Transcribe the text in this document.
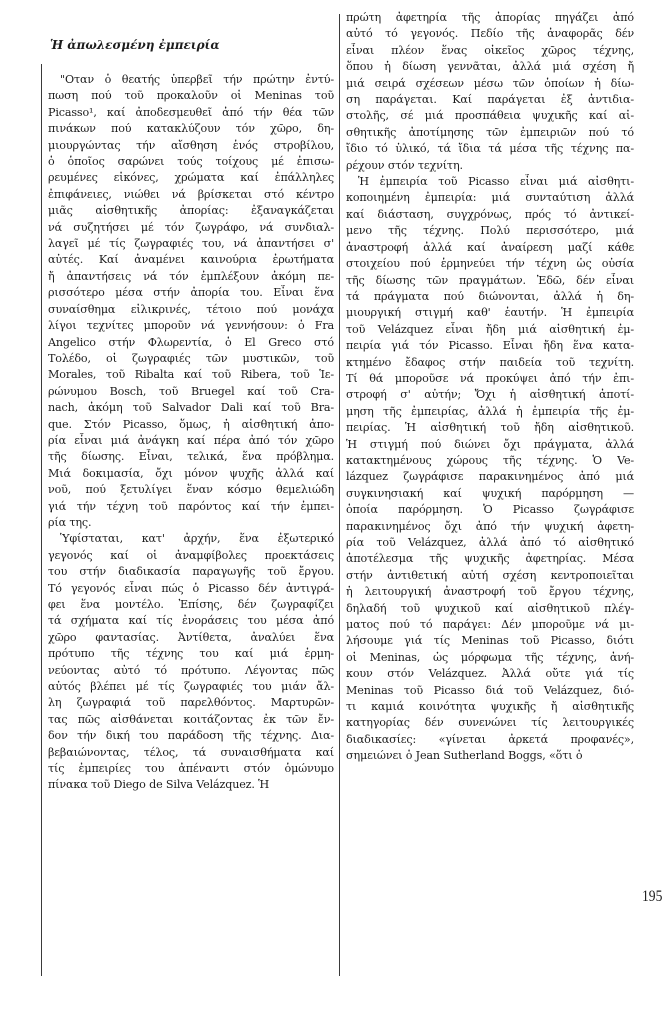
Ἡ ἀπωλεσμένη ἐμπειρία

"Οταν ὁ θεατής ὑπερβεῖ τήν πρώτην ἐντύ-

πωση πού τοῦ προκαλοῦν οἱ Meninas τοῦ

Picasso¹, καί ἀποδεσμευθεῖ ἀπό τήν θέα τῶν

πινάκων πού κατακλύζουν τόν χῶρο, δη-

μιουργώντας τήν αἴσθηση ἑνός στροβίλου,

ὁ ὁποῖος σαρώνει τούς τοίχους μέ ἐπισω-

ρευμένες εἰκόνες, χρώματα καί ἐπάλληλες

ἐπιφάνειες, νιώθει νά βρίσκεται στό κέντρο

μιᾶς αἰσθητικῆς ἀπορίας: ἐξαναγκάζεται

νά συζητήσει μέ τόν ζωγράφο, νά συνδιαλ-

λαγεῖ μέ τίς ζωγραφιές του, νά ἀπαντήσει σ'

αὐτές. Καί ἀναμένει καινούρια ἐρωτήματα

ἤ ἀπαντήσεις νά τόν ἐμπλέξουν ἀκόμη πε-

ρισσότερο μέσα στήν ἀπορία του. Εἶναι ἕνα

συναίσθημα εἰλικρινές, τέτοιο πού μονάχα

λίγοι τεχνίτες μποροῦν νά γεννήσουν: ὁ Fra

Angelico στήν Φλωρεντία, ὁ El Greco στό

Τολέδο, οἱ ζωγραφιές τῶν μυστικῶν, τοῦ

Morales, τοῦ Ribalta καί τοῦ Ribera, τοῦ Ἱε-

ρώνυμου Bosch, τοῦ Bruegel καί τοῦ Cra-

nach, ἀκόμη τοῦ Salvador Dali καί τοῦ Bra-

que. Στόν Picasso, ὅμως, ἡ αἰσθητική ἀπο-

ρία εἶναι μιά ἀνάγκη καί πέρα ἀπό τόν χῶρο

τῆς δίωσης. Εἶναι, τελικά, ἕνα πρόβλημα.

Μιά δοκιμασία, ὄχι μόνον ψυχῆς ἀλλά καί

νοῦ, πού ξετυλίγει ἕναν κόσμο θεμελιώδη

γιά τήν τέχνη τοῦ παρόντος καί τήν ἐμπει-

ρία της.

Ὑφίσταται, κατ' ἀρχήν, ἕνα ἐξωτερικό

γεγονός καί οἱ ἀναμφίβολες προεκτάσεις

του στήν διαδικασία παραγωγῆς τοῦ ἔργου.

Τό γεγονός εἶναι πώς ὁ Picasso δέν ἀντιγρά-

φει ἕνα μοντέλο. Ἐπίσης, δέν ζωγραφίζει

τά σχήματα καί τίς ἐνοράσεις του μέσα ἀπό

χῶρο φαντασίας. Ἀντίθετα, ἀναλύει ἕνα

πρότυπο τῆς τέχνης του καί μιά ἑρμη-

νεύοντας αὐτό τό πρότυπο. Λέγοντας πῶς

αὐτός βλέπει μέ τίς ζωγραφιές του μιάν ἄλ-

λη ζωγραφιά τοῦ παρελθόντος. Μαρτυρῶν-

τας πῶς αἰσθάνεται κοιτάζοντας ἐκ τῶν ἔν-

δον τήν δική του παράδοση τῆς τέχνης. Δια-

βεβαιώνοντας, τέλος, τά συναισθήματα καί

τίς ἐμπειρίες του ἀπέναντι στόν ὁμώνυμο

πίνακα τοῦ Diego de Silva Velázquez. Ἡ

πρώτη ἀφετηρία τῆς ἀπορίας πηγάζει ἀπό

αὐτό τό γεγονός. Πεδίο τῆς ἀναφορᾶς δέν

εἶναι πλέον ἕνας οἰκεῖος χῶρος τέχνης,

ὅπου ἡ δίωση γεννᾶται, ἀλλά μιά σχέση ἤ

μιά σειρά σχέσεων μέσω τῶν ὁποίων ἡ δίω-

ση παράγεται. Καί παράγεται ἐξ ἀντιδια-

στολῆς, σέ μιά προσπάθεια ψυχικῆς καί αἰ-

σθητικῆς ἀποτίμησης τῶν ἐμπειριῶν πού τό

ἴδιο τό ὑλικό, τά ἴδια τά μέσα τῆς τέχνης πα-

ρέχουν στόν τεχνίτη.

Ἡ ἐμπειρία τοῦ Picasso εἶναι μιά αἰσθητι-

κοποιημένη ἐμπειρία: μιά συνταύτιση ἀλλά

καί διάσταση, συγχρόνως, πρός τό ἀντικεί-

μενο τῆς τέχνης. Πολύ περισσότερο, μιά

ἀναστροφή ἀλλά καί ἀναίρεση μαζί κάθε

στοιχείου πού ἑρμηνεύει τήν τέχνη ὡς οὐσία

τῆς δίωσης τῶν πραγμάτων. Ἐδῶ, δέν εἶναι

τά πράγματα πού διώνονται, ἀλλά ἡ δη-

μιουργική στιγμή καθ' ἑαυτήν. Ἡ ἐμπειρία

τοῦ Velázquez εἶναι ἤδη μιά αἰσθητική ἐμ-

πειρία γιά τόν Picasso. Εἶναι ἤδη ἕνα κατα-

κτημένο ἔδαφος στήν παιδεία τοῦ τεχνίτη.

Τί θά μποροῦσε νά προκύψει ἀπό τήν ἐπι-

στροφή σ' αὐτήν; Ὄχι ἡ αἰσθητική ἀποτί-

μηση τῆς ἐμπειρίας, ἀλλά ἡ ἐμπειρία τῆς ἐμ-

πειρίας. Ἡ αἰσθητική τοῦ ἤδη αἰσθητικοῦ.

Ἡ στιγμή πού διώνει ὄχι πράγματα, ἀλλά

κατακτημένους χώρους τῆς τέχνης. Ὁ Ve-

lázquez ζωγράφισε παρακινημένος ἀπό μιά

συγκινησιακή καί ψυχική παρόρμηση —

ὁποία παρόρμηση. Ὁ Picasso ζωγράφισε

παρακινημένος ὄχι ἀπό τήν ψυχική ἀφετη-

ρία τοῦ Velázquez, ἀλλά ἀπό τό αἰσθητικό

ἀποτέλεσμα τῆς ψυχικῆς ἀφετηρίας. Μέσα

στήν ἀντιθετική αὐτή σχέση κεντροποιεῖται

ἡ λειτουργική ἀναστροφή τοῦ ἔργου τέχνης,

δηλαδή τοῦ ψυχικοῦ καί αἰσθητικοῦ πλέγ-

ματος πού τό παράγει: Δέν μποροῦμε νά μι-

λήσουμε γιά τίς Meninas τοῦ Picasso, διότι

οἱ Meninas, ὡς μόρφωμα τῆς τέχνης, ἀνή-

κουν στόν Velázquez. Ἀλλά οὔτε γιά τίς

Meninas τοῦ Picasso διά τοῦ Velázquez, διό-

τι καμιά κοινότητα ψυχικῆς ἤ αἰσθητικῆς

κατηγορίας δέν συνενώνει τίς λειτουργικές

διαδικασίες: «γίνεται ἀρκετά προφανές»,

σημειώνει ὁ Jean Sutherland Boggs, «ὅτι ὁ

195
